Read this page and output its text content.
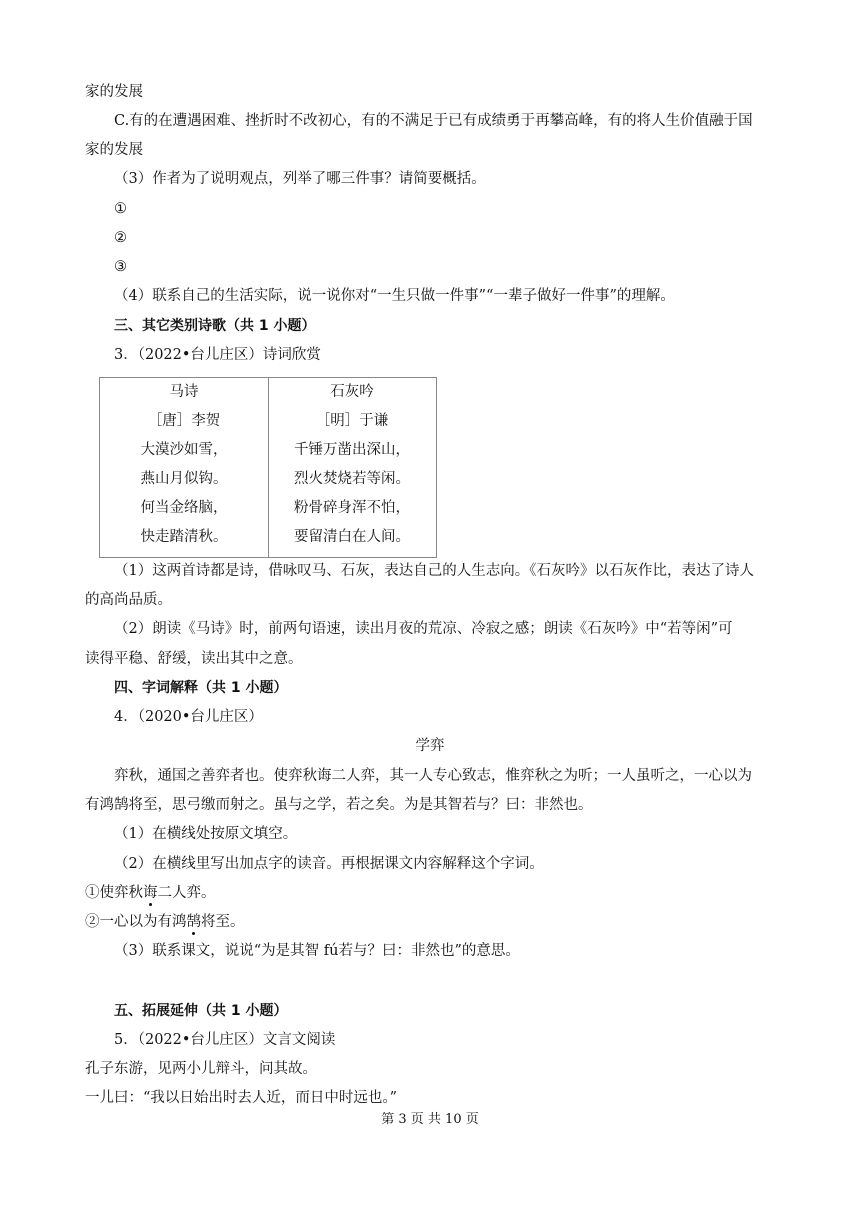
家的发展
C.有的在遭遇困难、挫折时不改初心，有的不满足于已有成绩勇于再攀高峰，有的将人生价值融于国
家的发展
（3）作者为了说明观点，列举了哪三件事？请简要概括。
①
②
③
（4）联系自己的生活实际，说一说你对“一生只做一件事”“一辈子做好一件事”的理解。
三、其它类别诗歌（共 1 小题）
3．（2022•台儿庄区）诗词欣赏
马诗
［唐］李贺
大漠沙如雪，
燕山月似钩。
何当金络脑，
快走踏清秋。
石灰吟
［明］于谦
千锤万凿出深山，
烈火焚烧若等闲。
粉骨碎身浑不怕，
要留清白在人间。
（1）这两首诗都是诗，借咏叹马、石灰，表达自己的人生志向。《石灰吟》以石灰作比，表达了诗人
的高尚品质。
（2）朗读《马诗》时，前两句语速，读出月夜的荒凉、冷寂之感；朗读《石灰吟》中“若等闲”可
读得平稳、舒缓，读出其中之意。
四、字词解释（共 1 小题）
4．（2020•台儿庄区）
学弈
弈秋，通国之善弈者也。使弈秋诲二人弈，其一人专心致志，惟弈秋之为听；一人虽听之，一心以为
有鸿鹄将至，思弓缴而射之。虽与之学，若之矣。为是其智若与？曰：非然也。
（1）在横线处按原文填空。
（2）在横线里写出加点字的读音。再根据课文内容解释这个字词。
①使弈秋诲二人弈。
②一心以为有鸿鹄将至。
（3）联系课文，说说“为是其智 fú若与？曰：非然也”的意思。
五、拓展延伸（共 1 小题）
5．（2022•台儿庄区）文言文阅读
孔子东游，见两小儿辩斗，问其故。
一儿曰：“我以日始出时去人近，而日中时远也。”
第 3 页 共 10 页
